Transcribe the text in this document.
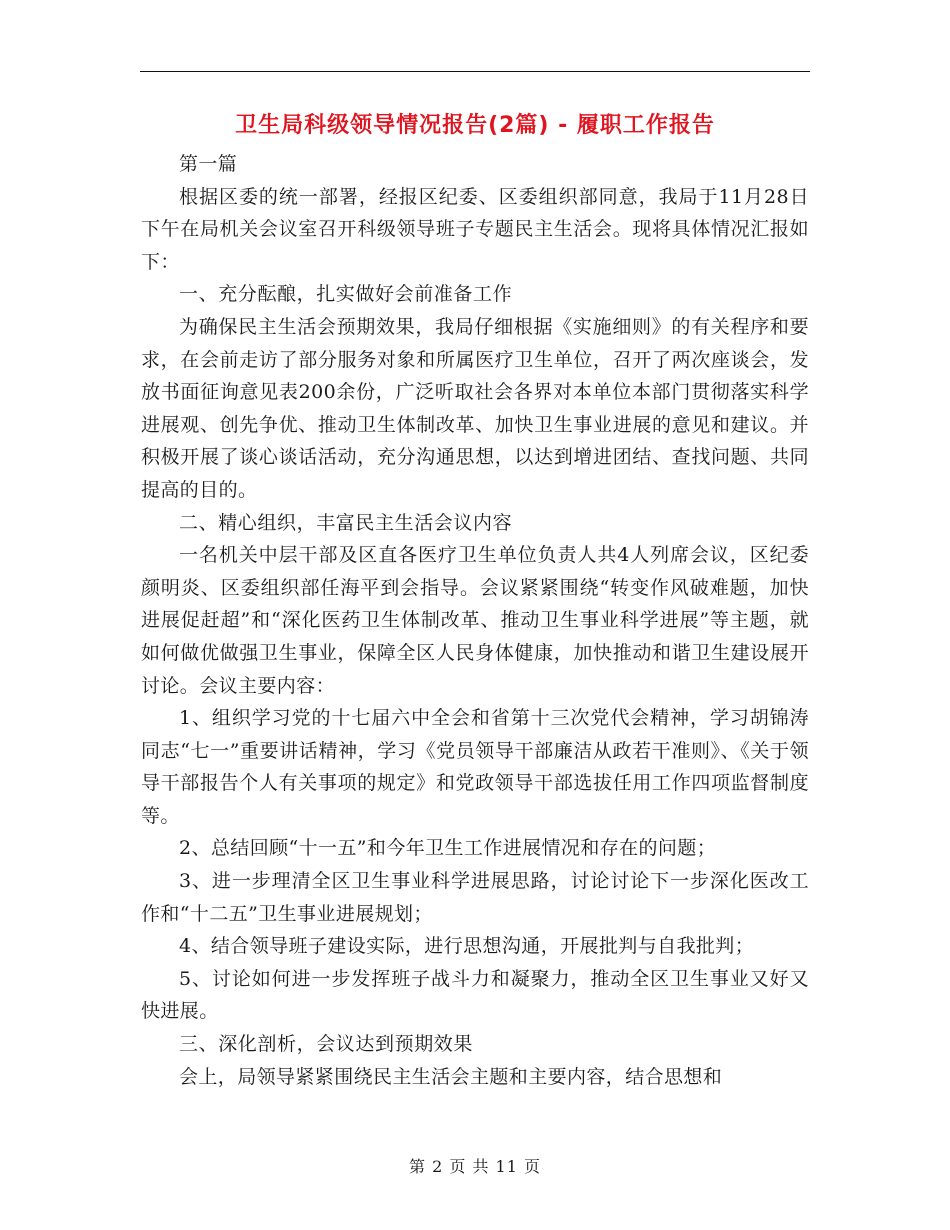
卫生局科级领导情况报告(2篇) - 履职工作报告

第一篇

根据区委的统一部署，经报区纪委、区委组织部同意，我局于11月28日下午在局机关会议室召开科级领导班子专题民主生活会。现将具体情况汇报如下：

一、充分酝酿，扎实做好会前准备工作

为确保民主生活会预期效果，我局仔细根据《实施细则》的有关程序和要求，在会前走访了部分服务对象和所属医疗卫生单位，召开了两次座谈会，发放书面征询意见表200余份，广泛听取社会各界对本单位本部门贯彻落实科学进展观、创先争优、推动卫生体制改革、加快卫生事业进展的意见和建议。并积极开展了谈心谈话活动，充分沟通思想，以达到增进团结、查找问题、共同提高的目的。

二、精心组织，丰富民主生活会议内容

一名机关中层干部及区直各医疗卫生单位负责人共4人列席会议，区纪委颜明炎、区委组织部任海平到会指导。会议紧紧围绕“转变作风破难题，加快进展促赶超”和“深化医药卫生体制改革、推动卫生事业科学进展”等主题，就如何做优做强卫生事业，保障全区人民身体健康，加快推动和谐卫生建设展开讨论。会议主要内容：

1、组织学习党的十七届六中全会和省第十三次党代会精神，学习胡锦涛同志“七一”重要讲话精神，学习《党员领导干部廉洁从政若干准则》、《关于领导干部报告个人有关事项的规定》和党政领导干部选拔任用工作四项监督制度等。

2、总结回顾“十一五”和今年卫生工作进展情况和存在的问题；

3、进一步理清全区卫生事业科学进展思路，讨论讨论下一步深化医改工作和“十二五”卫生事业进展规划；

4、结合领导班子建设实际，进行思想沟通，开展批判与自我批判；

5、讨论如何进一步发挥班子战斗力和凝聚力，推动全区卫生事业又好又快进展。

三、深化剖析，会议达到预期效果

会上，局领导紧紧围绕民主生活会主题和主要内容，结合思想和

第 2 页 共 11 页
